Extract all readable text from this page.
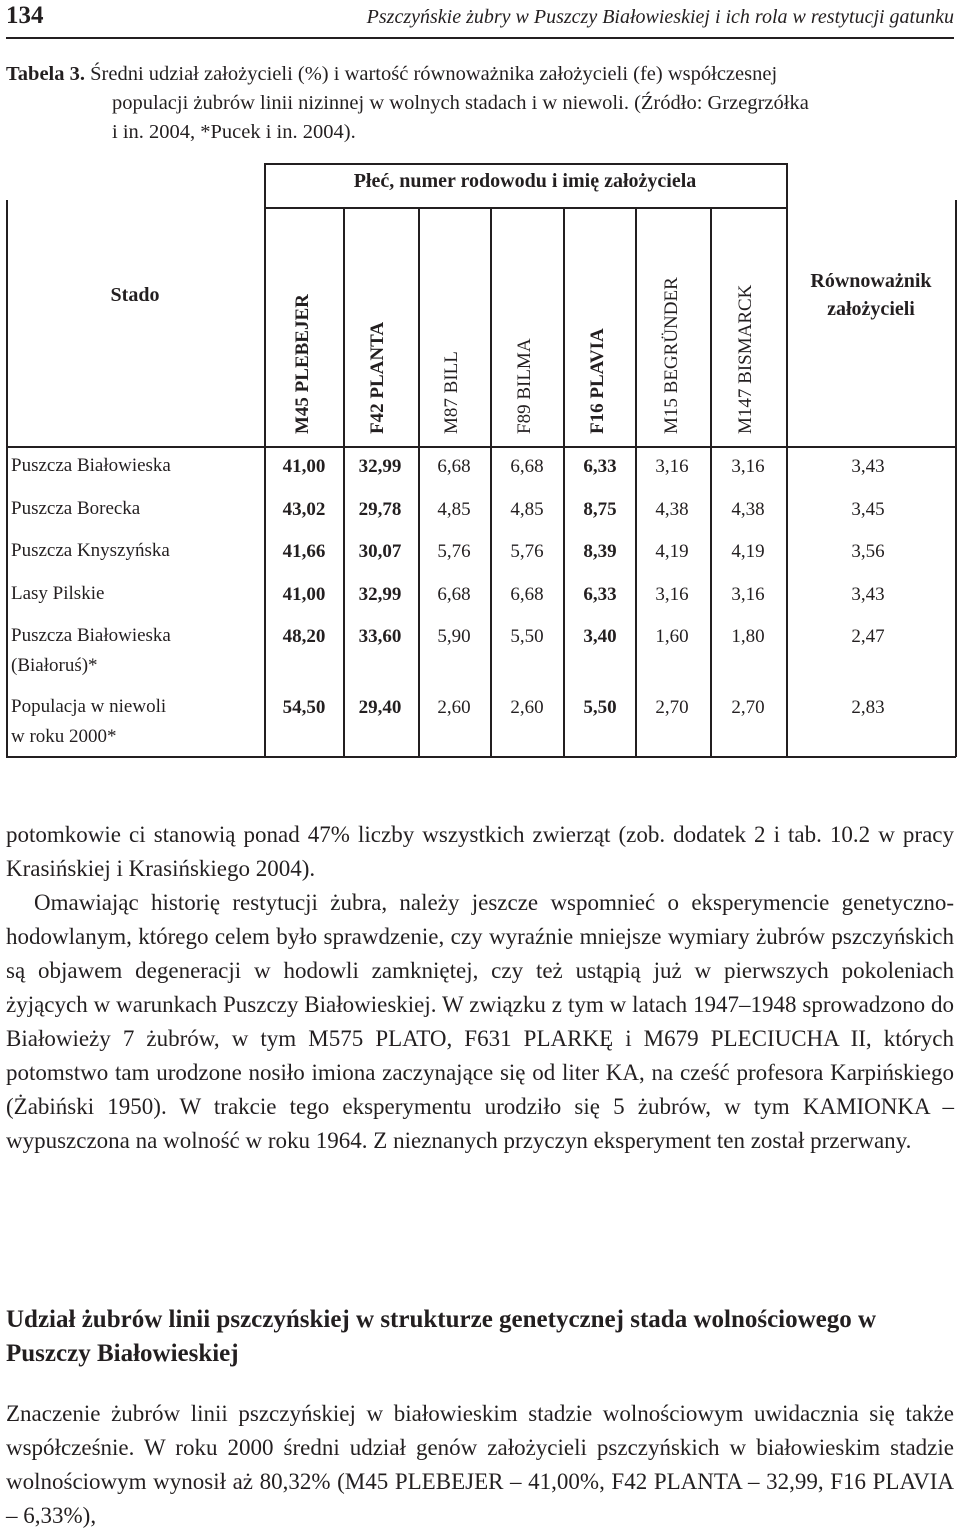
134	Pszczyńskie żubry w Puszczy Białowieskiej i ich rola w restytucji gatunku
Tabela 3. Średni udział założycieli (%) i wartość równoważnika założycieli (fe) współczesnej
populacji żubrów linii nizinnej w wolnych stadach i w niewoli. (Źródło: Grzegrzółka
i in. 2004, *Pucek i in. 2004).
Płeć, numer rodowodu i imię założyciela
Stado
Równoważnik
założycieli
M45 PLEBEJER	F42 PLANTA	M87 BILL	F89 BILMA	F16 PLAVIA	M15 BEGRÜNDER	M147 BISMARCK
Puszcza Białowieska	41,00	32,99	6,68	6,68	6,33	3,16	3,16	3,43
Puszcza Borecka	43,02	29,78	4,85	4,85	8,75	4,38	4,38	3,45
Puszcza Knyszyńska	41,66	30,07	5,76	5,76	8,39	4,19	4,19	3,56
Lasy Pilskie	41,00	32,99	6,68	6,68	6,33	3,16	3,16	3,43
Puszcza Białowieska
(Białoruś)*
48,20	33,60	5,90	5,50	3,40	1,60	1,80	2,47
Populacja w niewoli
w roku 2000*
54,50	29,40	2,60	2,60	5,50	2,70	2,70	2,83

potomkowie ci stanowią ponad 47% liczby wszystkich zwierząt (zob. dodatek 2 i tab. 10.2 w pracy Krasińskiej i Krasińskiego 2004).

Omawiając historię restytucji żubra, należy jeszcze wspomnieć o eksperymencie genetyczno-hodowlanym, którego celem było sprawdzenie, czy wyraźnie mniejsze wymiary żubrów pszczyńskich są objawem degeneracji w hodowli zamkniętej, czy też ustąpią już w pierwszych pokoleniach żyjących w warunkach Puszczy Białowieskiej. W związku z tym w latach 1947–1948 sprowadzono do Białowieży 7 żubrów, w tym M575 PLATO, F631 PLARKĘ i M679 PLECIUCHA II, których potomstwo tam urodzone nosiło imiona zaczynające się od liter KA, na cześć profesora Karpińskiego (Żabiński 1950). W trakcie tego eksperymentu urodziło się 5 żubrów, w tym KAMIONKA – wypuszczona na wolność w roku 1964. Z nieznanych przyczyn eksperyment ten został przerwany.

Udział żubrów linii pszczyńskiej w strukturze genetycznej stada wolnościowego w Puszczy Białowieskiej

Znaczenie żubrów linii pszczyńskiej w białowieskim stadzie wolnościowym uwidacznia się także współcześnie. W roku 2000 średni udział genów założycieli pszczyńskich w białowieskim stadzie wolnościowym wynosił aż 80,32% (M45 PLEBEJER – 41,00%, F42 PLANTA – 32,99, F16 PLAVIA – 6,33%),
